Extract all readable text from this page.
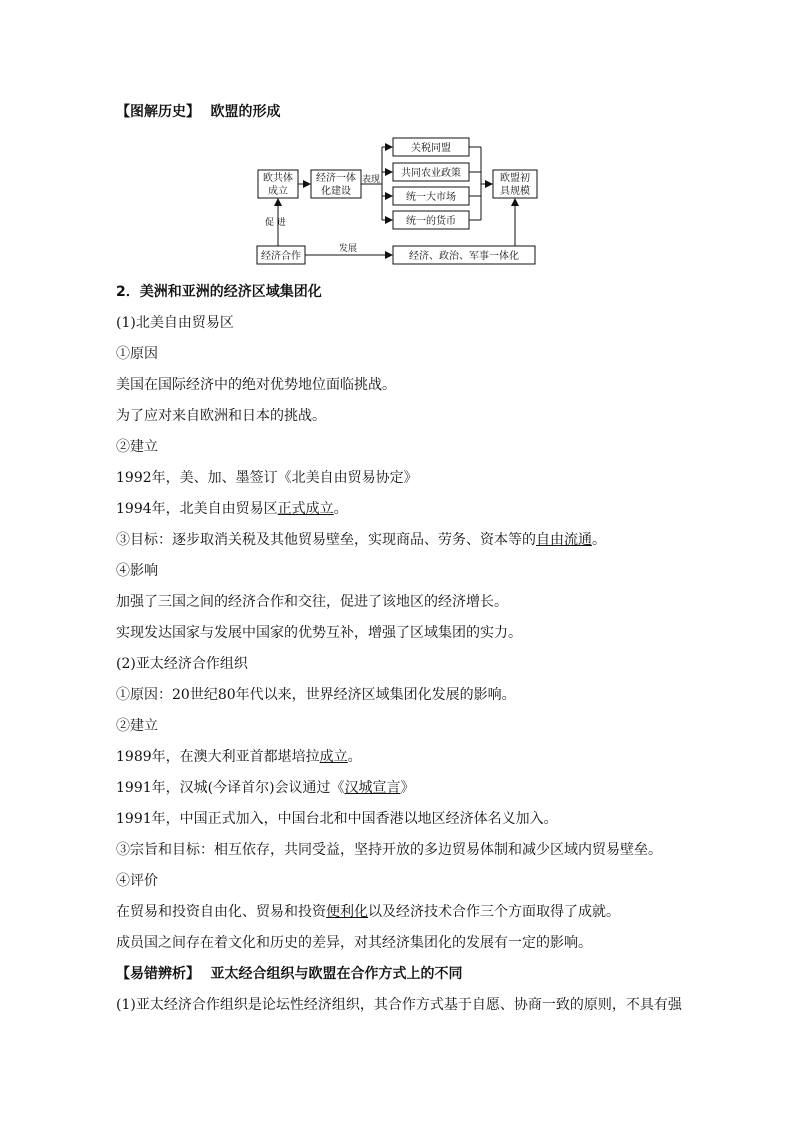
【图解历史】 欧盟的形成
欧共体
成立
经济一体
化建设
表现
关税同盟
共同农业政策
统一大市场
统一的货币
欧盟初
具规模
促 进
经济合作
发展
经济、政治、军事一体化
2．美洲和亚洲的经济区域集团化
(1)北美自由贸易区
①原因
美国在国际经济中的绝对优势地位面临挑战。
为了应对来自欧洲和日本的挑战。
②建立
1992年，美、加、墨签订《北美自由贸易协定》
1994年，北美自由贸易区正式成立。
③目标：逐步取消关税及其他贸易壁垒，实现商品、劳务、资本等的自由流通。
④影响
加强了三国之间的经济合作和交往，促进了该地区的经济增长。
实现发达国家与发展中国家的优势互补，增强了区域集团的实力。
(2)亚太经济合作组织
①原因：20世纪80年代以来，世界经济区域集团化发展的影响。
②建立
1989年，在澳大利亚首都堪培拉成立。
1991年，汉城(今译首尔)会议通过《汉城宣言》
1991年，中国正式加入，中国台北和中国香港以地区经济体名义加入。
③宗旨和目标：相互依存，共同受益，坚持开放的多边贸易体制和减少区域内贸易壁垒。
④评价
在贸易和投资自由化、贸易和投资便利化以及经济技术合作三个方面取得了成就。
成员国之间存在着文化和历史的差异，对其经济集团化的发展有一定的影响。
【易错辨析】 亚太经合组织与欧盟在合作方式上的不同
(1)亚太经济合作组织是论坛性经济组织，其合作方式基于自愿、协商一致的原则，不具有强
